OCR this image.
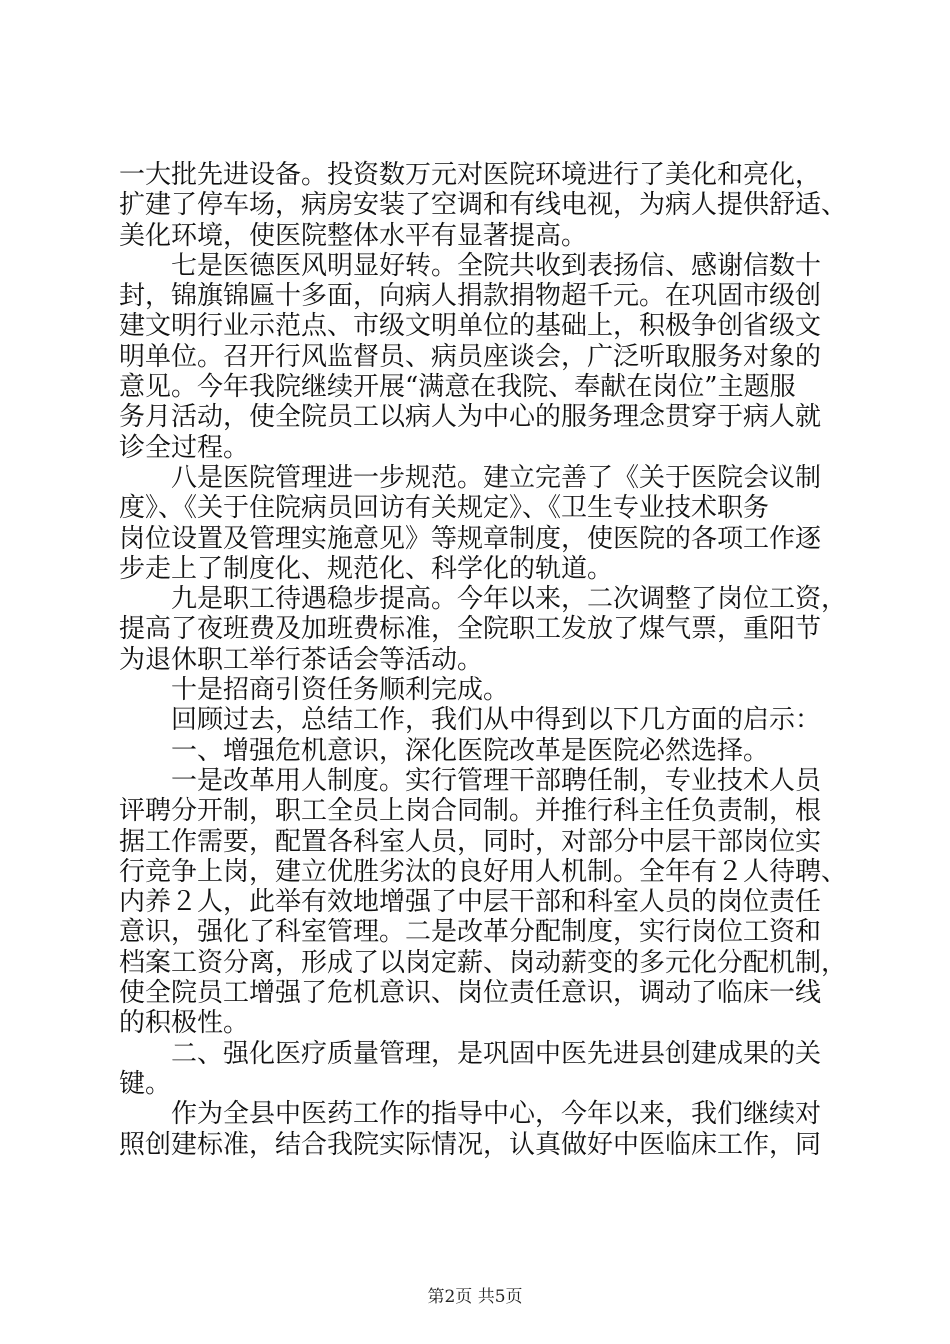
一大批先进设备。投资数万元对医院环境进行了美化和亮化，
扩建了停车场，病房安装了空调和有线电视，为病人提供舒适、
美化环境，使医院整体水平有显著提高。
七是医德医风明显好转。全院共收到表扬信、感谢信数十
封，锦旗锦匾十多面，向病人捐款捐物超千元。在巩固市级创
建文明行业示范点、市级文明单位的基础上，积极争创省级文
明单位。召开行风监督员、病员座谈会，广泛听取服务对象的
意见。今年我院继续开展“满意在我院、奉献在岗位”主题服
务月活动，使全院员工以病人为中心的服务理念贯穿于病人就
诊全过程。
八是医院管理进一步规范。建立完善了《关于医院会议制
度》、《关于住院病员回访有关规定》、《卫生专业技术职务
岗位设置及管理实施意见》等规章制度，使医院的各项工作逐
步走上了制度化、规范化、科学化的轨道。
九是职工待遇稳步提高。今年以来，二次调整了岗位工资，
提高了夜班费及加班费标准，全院职工发放了煤气票，重阳节
为退休职工举行茶话会等活动。
十是招商引资任务顺利完成。
回顾过去，总结工作，我们从中得到以下几方面的启示：
一、增强危机意识，深化医院改革是医院必然选择。
一是改革用人制度。实行管理干部聘任制，专业技术人员
评聘分开制，职工全员上岗合同制。并推行科主任负责制，根
据工作需要，配置各科室人员，同时，对部分中层干部岗位实
行竞争上岗，建立优胜劣汰的良好用人机制。全年有２人待聘、
内养２人，此举有效地增强了中层干部和科室人员的岗位责任
意识，强化了科室管理。二是改革分配制度，实行岗位工资和
档案工资分离，形成了以岗定薪、岗动薪变的多元化分配机制，
使全院员工增强了危机意识、岗位责任意识，调动了临床一线
的积极性。
二、强化医疗质量管理，是巩固中医先进县创建成果的关
键。
作为全县中医药工作的指导中心，今年以来，我们继续对
照创建标准，结合我院实际情况，认真做好中医临床工作，同
第2页 共5页
